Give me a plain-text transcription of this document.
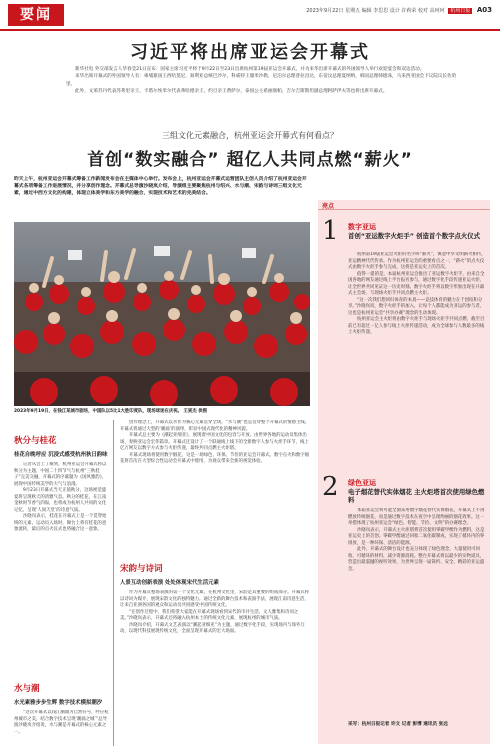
要闻	2023年9月22日 星期五 编辑 李思思 设计 许莉荣 校对 高珂珂 杭州日报 A03
习近平将出席亚运会开幕式

新华社电 外交部发言人华春莹21日宣布：国家主席习近平将于9月22日至23日出席杭州第19届亚运会开幕式，并为来华出席开幕式的外国领导人举行欢迎宴会和双边活动。

来华出席开幕式的外国领导人有：柬埔寨国王西哈莫尼，叙利亚总统巴沙尔，科威特王储米沙勒，尼泊尔总理普拉昌达，东帝汶总理夏纳纳，韩国总理韩德洙，马来西亚国会下议院议长佐哈里。

此外，文莱苏丹代表苏弗里亲王，卡塔尔埃米尔代表弗哈德亲王，约旦亲王费萨尔，泰国公主希丽康帕，吉尔吉斯斯坦副总理阿萨伊夫等也将出席开幕式。

三组文化元素融合，杭州亚运会开幕式有何看点？
首创“数实融合” 超亿人共同点燃“薪火”
昨天上午，杭州亚运会开幕式筹备工作新闻发布会在主媒体中心举行。发布会上，杭州亚运会开幕式运营团队主创人员介绍了杭州亚运会开幕式各项筹备工作进展情况，并分享创作理念。开幕式总导演沙晓岚介绍，导演组主要聚焦杭州与绍兴、水与潮、宋韵与诗词三组文化元素，通过中西方文化的构建，体现立体美学和东方美学的融合，实现技术和艺术的完美结合。
2023年9月19日，在钱江某城市剧场，中国队以5比1大胜印度队，现场球迷在庆祝。 王寅杰 供图
秋分与桂花
桂花自晚呼应 沉浸式感受杭州秋日韵味

记者从会上了解到，杭州亚运会开幕式将以秋分为主题，中国二十四节气与杭州“三秋桂子”完美交融，开幕式的序幕题为《国风雅韵》，展现中国传统美学的大气与浪漫。

9月23日开幕式当天正值秋分，这场视觉盛宴将呈现秋天的清雅气息。秋分的桂花，在江南金秋时节香气四溢，也将成为杭州人共同的文化记忆，呈现‘人间天堂’的诗意气质。

沙晓岚表示，桂花在开幕式上是一个贯穿始终的元素，运动员入场时，舞台上将有桂花的意象流转，最后的点火仪式也将融合这一意象。

水与潮
水光素雅步步生辉 数字技术模拟潮汐

“这次开幕式以钱江潮涌为自然符号，呼应杭州城市之美，结合数字技术呈现‘潮涌之城’”总导演沙晓岚介绍说，水与潮是开幕式的核心元素之一。

创作理念上，开幕式以水作为核心元素贯穿全场，“水与潮”也是贯穿整个开幕式的情感主线。开幕式将通过大型的‘潮涌’的演绎，彰显中国式现代化的精神风貌。

开幕式总主要为《潮起亚细亚》，展现着中国文化的包容与开放。由世界各地的运动员集体出场，奏响亚运会宏伟篇章。开幕式还设计了一个联通线上线下的全新数字人参与火炬手环节，线上亿万网友以数字方式参与火炬传递，最终共同点燃主火炬塔。

开幕式现场将使用数字烟花，这是一场绿色、环保、节俭的亚运会开幕式。数字点火和数字烟花将首次在大型综合性运动会开幕式中使用，为观众带来全新的视觉体验。

宋韵与诗词
人景互动创新表演 处处体现宋代生活元素

作为开幕式整场表演的第一个文化元素，在杭州文化里，宋韵是其重要的组成部分。开幕式将以诗词为媒介，展现宋韵文化的独特魅力。通过全新的舞台技术和表演手法，展现江南诗意生活，让来自亚洲各国的观众和运动员共同感受中国传统文化。

“在创作过程中，我们希望大家能在开幕式现场看到宋代的市井生活、文人雅集和诗词之美。”沙晓岚表示，开幕式还将融入杭州本土的传统文化元素，展现杭州的城市气质。

沙晓岚介绍，开幕式文艺表演以“潮起亚细亚”为主题，通过数字化手段，实现场内与场外互动，以现代科技展现传统文化，全面呈现开幕式的宏大场面。

亮点
1 数字亚运
首创“亚运数字火炬手” 创造首个数字点火仪式

杭州第19届亚运会火炬的名字叫“薪火”，寓意中华文明薪火相传，亚运精神代代传承。作为杭州亚运会的重要看点之一，“薪火”的点火仪式由数字火炬手参与完成，这将是亚运史上的首次。

值得一提的是，本届杭州亚运会推出了亚运数字火炬手，由来自全国各地的网友通过线上平台报名参与，通过数字化手段传递亚运火炬，让全世界共同见证这一历史时刻。数字火炬手将以数字形象出现在开幕式主会场，与现场火炬手共同点燃主火炬。

“这一次我们想回归体育的本真——竞技体育的魅力在于团结和分享。”沙晓岚说，数字火炬手的加入，让每个人都能成为亚运的参与者，这也是杭州亚运会“共享办赛”理念的生动体现。

杭州亚运会主火炬将由数字火炬手与现场火炬手共同点燃，截至目前已有超过一亿人参与线上火炬传递活动，成为全球参与人数最多的线上火炬传递。

2 绿色亚运
电子烟花替代实体烟花 主火炬塔首次使用绿色燃料

本届亚运会将可能全面采用数字烟花替代实体烟花，开幕式上不再燃放传统烟花，而是通过数字技术在夜空中呈现绚丽的烟花效果。这一举措体现了杭州亚运会“绿色、智能、节俭、文明”的办赛理念。

沙晓岚表示，开幕式主火炬塔将首次使用零碳甲醇作为燃料，这是亚运史上的首创。零碳甲醇通过回收二氧化碳制成，实现了循环内的零排放，是一种环保、清洁的能源。

此外，开幕式的舞台设计也充分体现了绿色理念，大量使用可回收、可循环的材料，减少资源消耗。整台开幕式将以最少的实物道具，营造出最震撼的视听效果，为世界呈现一届简约、安全、精彩的亚运盛会。

采写：杭州日报记者 许文 记者 彭博 通讯员 张远
